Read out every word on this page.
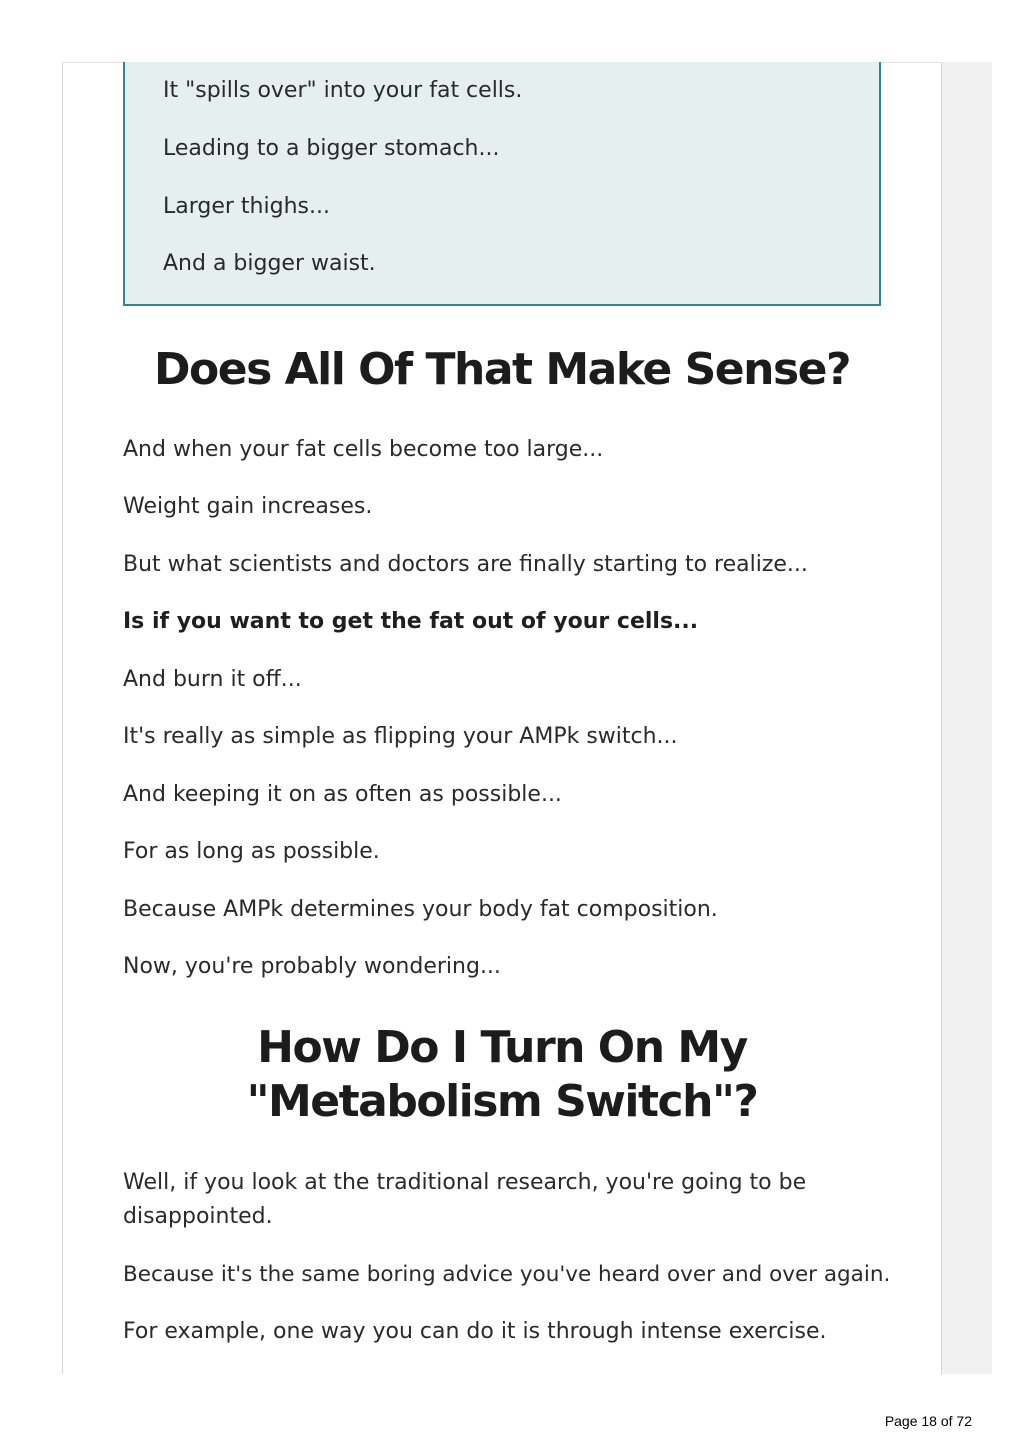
It "spills over" into your fat cells.
Leading to a bigger stomach...
Larger thighs...
And a bigger waist.
Does All Of That Make Sense?
And when your fat cells become too large...
Weight gain increases.
But what scientists and doctors are finally starting to realize...
Is if you want to get the fat out of your cells...
And burn it off...
It's really as simple as flipping your AMPk switch...
And keeping it on as often as possible...
For as long as possible.
Because AMPk determines your body fat composition.
Now, you're probably wondering...
How Do I Turn On My "Metabolism Switch"?
Well, if you look at the traditional research, you're going to be disappointed.
Because it's the same boring advice you've heard over and over again.
For example, one way you can do it is through intense exercise.
Page 18 of 72
